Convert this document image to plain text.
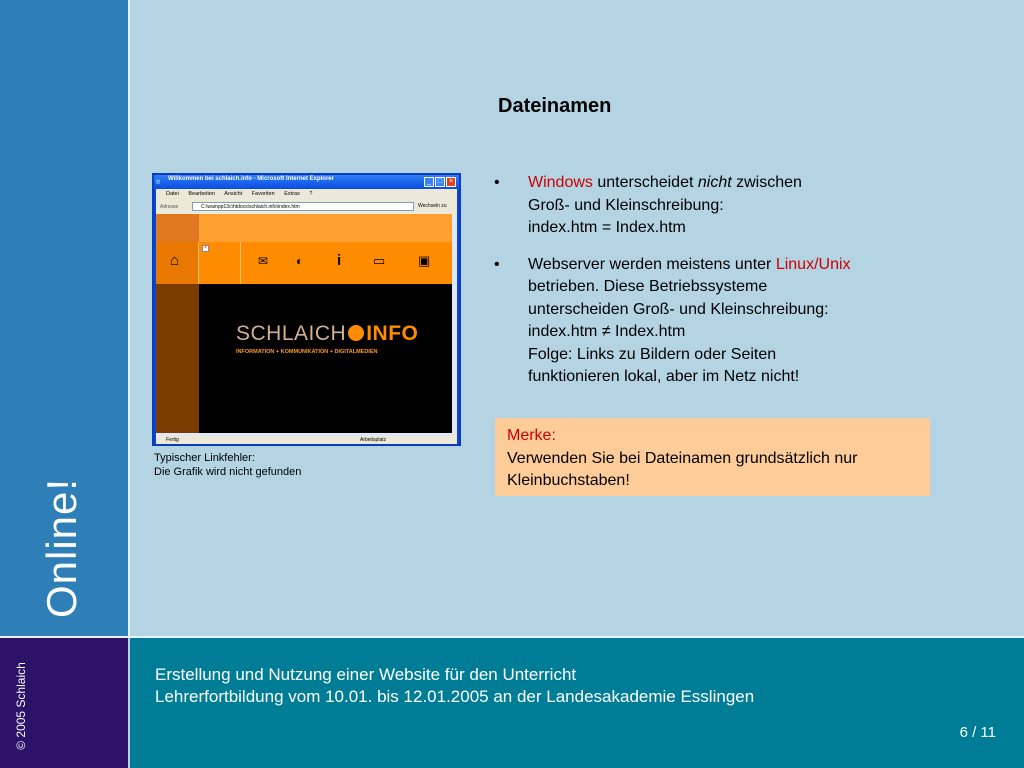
Online!
© 2005 Schlaich	Erstellung und Nutzung einer Website für den Unterricht
Lehrerfortbildung vom 10.01. bis 12.01.2005 an der Landesakademie Esslingen
6 / 11
Dateinamen
• Windows unterscheidet nicht zwischen
Groß- und Kleinschreibung:
index.htm = Index.htm
• Webserver werden meistens unter Linux/Unix
betrieben. Diese Betriebssysteme
unterscheiden Groß- und Kleinschreibung:
index.htm ≠ Index.htm
Folge: Links zu Bildern oder Seiten
funktionieren lokal, aber im Netz nicht!
Merke:
Verwenden Sie bei Dateinamen grundsätzlich nur Kleinbuchstaben!
Typischer Linkfehler:
Die Grafik wird nicht gefunden
e	Willkommen bei schlaich.info - Microsoft Internet Explorer	_ □ ×
Datei Bearbeiten Ansicht Favoriten Extras ?
Adresse	C:\wampp13c\htdocs\schlaich.info\index.htm	Wechseln zu
×
⌂	✉ ◐ i ▭	▣
SCHLAICH INFO
INFORMATION + KOMMUNIKATION + DIGITALMEDIEN
Fertig	Arbeitsplatz
